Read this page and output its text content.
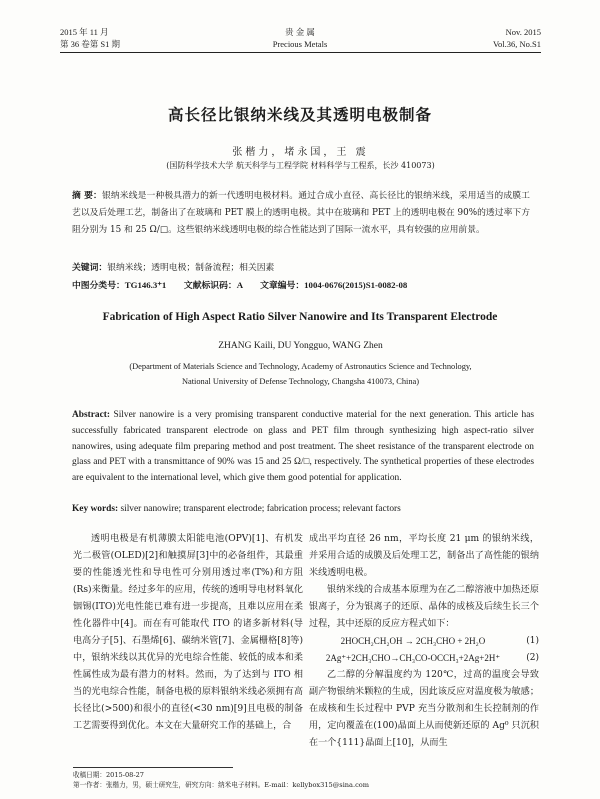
2015 年 11 月
第 36 卷第 S1 期
贵 金 属
Precious Metals
Nov. 2015
Vol.36, No.S1
高长径比银纳米线及其透明电极制备
张楷力，堵永国，王 震
(国防科学技术大学 航天科学与工程学院 材料科学与工程系，长沙 410073)
摘 要：银纳米线是一种极具潜力的新一代透明电极材料。通过合成小直径、高长径比的银纳米线，采用适当的成膜工艺以及后处理工艺，制备出了在玻璃和 PET 膜上的透明电极。其中在玻璃和 PET 上的透明电极在 90%的透过率下方阻分别为 15 和 25 Ω/□。这些银纳米线透明电极的综合性能达到了国际一流水平，具有较强的应用前景。
关键词：银纳米线；透明电极；制备流程；相关因素
中图分类号：TG146.3⁺1　　文献标识码：A　　文章编号：1004-0676(2015)S1-0082-08
Fabrication of High Aspect Ratio Silver Nanowire and Its Transparent Electrode
ZHANG Kaili, DU Yongguo, WANG Zhen
(Department of Materials Science and Technology, Academy of Astronautics Science and Technology,
National University of Defense Technology, Changsha 410073, China)
Abstract: Silver nanowire is a very promising transparent conductive material for the next generation. This article has successfully fabricated transparent electrode on glass and PET film through synthesizing high aspect-ratio silver nanowires, using adequate film preparing method and post treatment. The sheet resistance of the transparent electrode on glass and PET with a transmittance of 90% was 15 and 25 Ω/□, respectively. The synthetical properties of these electrodes are equivalent to the international level, which give them good potential for application.
Key words: silver nanowire; transparent electrode; fabrication process; relevant factors
透明电极是有机薄膜太阳能电池(OPV)[1]、有机发光二极管(OLED)[2]和触摸屏[3]中的必备组件，其最重要的性能透光性和导电性可分别用透过率(T%)和方阻(Rs)来衡量。经过多年的应用，传统的透明导电材料氧化铟锡(ITO)光电性能已难有进一步提高，且难以应用在柔性化器件中[4]。而在有可能取代 ITO 的诸多新材料(导电高分子[5]、石墨烯[6]、碳纳米管[7]、金属栅格[8]等)中，银纳米线以其优异的光电综合性能、较低的成本和柔性属性成为最有潜力的材料。然而，为了达到与 ITO 相当的光电综合性能，制备电极的原料银纳米线必须拥有高长径比(>500)和很小的直径(<30 nm)[9]且电极的制备工艺需要得到优化。本文在大量研究工作的基础上，合
成出平均直径 26 nm，平均长度 21 μm 的银纳米线，并采用合适的成膜及后处理工艺，制备出了高性能的银纳米线透明电极。
银纳米线的合成基本原理为在乙二醇溶液中加热还原银离子，分为银离子的还原、晶体的成核及后续生长三个过程，其中还原的反应方程式如下：
2HOCH₂CH₂OH → 2CH₃CHO + 2H₂O	(1)
2Ag⁺+2CH₃CHO→CH₃CO-OCCH₃+2Ag+2H⁺	(2)
乙二醇的分解温度约为 120℃，过高的温度会导致副产物银纳米颗粒的生成，因此该反应对温度极为敏感；在成核和生长过程中 PVP 充当分散剂和生长控制剂的作用，定向覆盖在(100)晶面上从而使新还原的 Ag⁰ 只沉积在一个{111}晶面上[10]，从而生
收稿日期：2015-08-27
第一作者：张楷力，男，硕士研究生，研究方向：纳米电子材料。E-mail：kellybox315@sina.com
